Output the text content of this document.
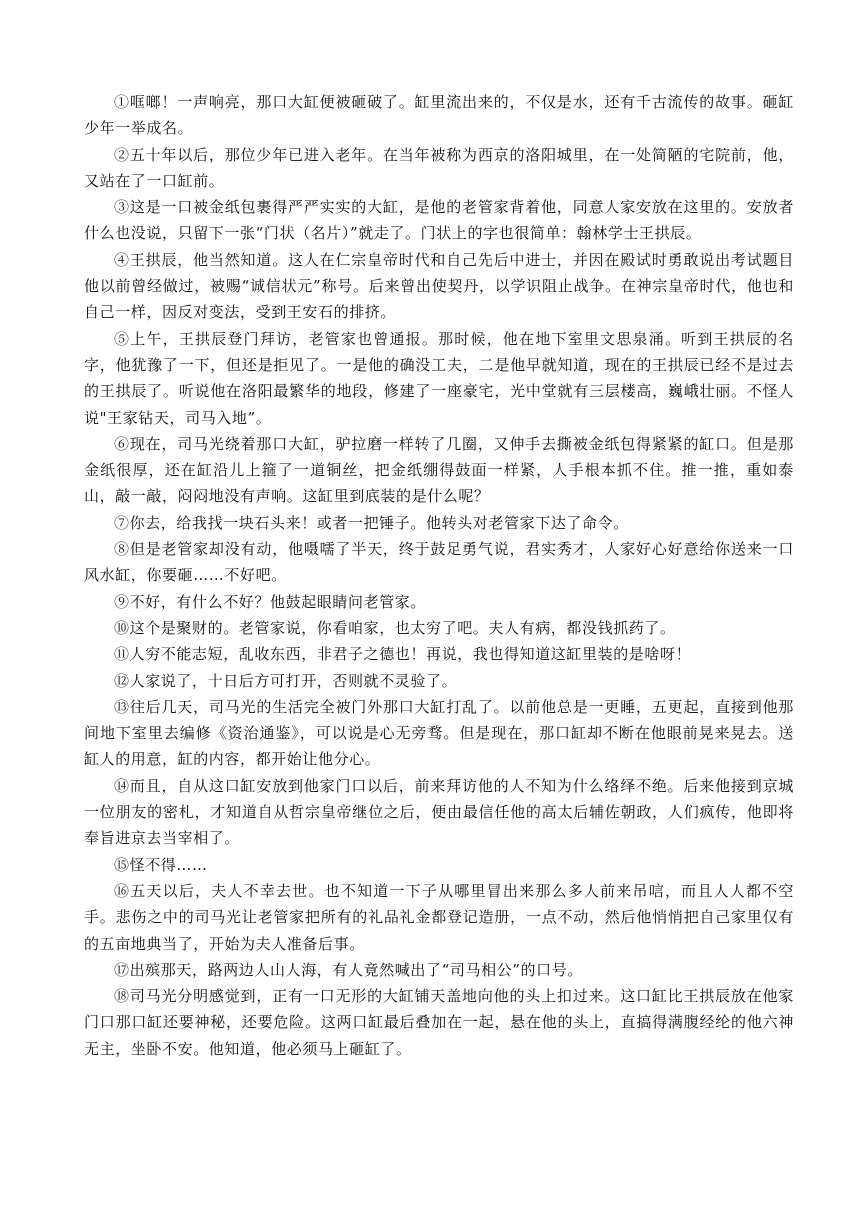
①哐啷！一声响亮，那口大缸便被砸破了。缸里流出来的，不仅是水，还有千古流传的故事。砸缸少年一举成名。

②五十年以后，那位少年已进入老年。在当年被称为西京的洛阳城里，在一处简陋的宅院前，他，又站在了一口缸前。

③这是一口被金纸包裹得严严实实的大缸，是他的老管家背着他，同意人家安放在这里的。安放者什么也没说，只留下一张“门状（名片）”就走了。门状上的字也很简单：翰林学士王拱辰。

④王拱辰，他当然知道。这人在仁宗皇帝时代和自己先后中进士，并因在殿试时勇敢说出考试题目他以前曾经做过，被赐“诚信状元”称号。后来曾出使契丹，以学识阻止战争。在神宗皇帝时代，他也和自己一样，因反对变法，受到王安石的排挤。

⑤上午，王拱辰登门拜访，老管家也曾通报。那时候，他在地下室里文思泉涌。听到王拱辰的名字，他犹豫了一下，但还是拒见了。一是他的确没工夫，二是他早就知道，现在的王拱辰已经不是过去的王拱辰了。听说他在洛阳最繁华的地段，修建了一座豪宅，光中堂就有三层楼高，巍峨壮丽。不怪人说"王家钻天，司马入地”。

⑥现在，司马光绕着那口大缸，驴拉磨一样转了几圈，又伸手去撕被金纸包得紧紧的缸口。但是那金纸很厚，还在缸沿儿上箍了一道铜丝，把金纸绷得鼓面一样紧，人手根本抓不住。推一推，重如泰山，敲一敲，闷闷地没有声响。这缸里到底装的是什么呢？

⑦你去，给我找一块石头来！或者一把锤子。他转头对老管家下达了命令。

⑧但是老管家却没有动，他嗫嚅了半天，终于鼓足勇气说，君实秀才，人家好心好意给你送来一口风水缸，你要砸……不好吧。

⑨不好，有什么不好？他鼓起眼睛问老管家。

⑩这个是聚财的。老管家说，你看咱家，也太穷了吧。夫人有病，都没钱抓药了。

⑪人穷不能志短，乱收东西，非君子之德也！再说，我也得知道这缸里装的是啥呀！

⑫人家说了，十日后方可打开，否则就不灵验了。

⑬往后几天，司马光的生活完全被门外那口大缸打乱了。以前他总是一更睡，五更起，直接到他那间地下室里去编修《资治通鉴》，可以说是心无旁骛。但是现在，那口缸却不断在他眼前晃来晃去。送缸人的用意，缸的内容，都开始让他分心。

⑭而且，自从这口缸安放到他家门口以后，前来拜访他的人不知为什么络绎不绝。后来他接到京城一位朋友的密札，才知道自从哲宗皇帝继位之后，便由最信任他的高太后辅佐朝政，人们疯传，他即将奉旨进京去当宰相了。

⑮怪不得……

⑯五天以后，夫人不幸去世。也不知道一下子从哪里冒出来那么多人前来吊唁，而且人人都不空手。悲伤之中的司马光让老管家把所有的礼品礼金都登记造册，一点不动，然后他悄悄把自己家里仅有的五亩地典当了，开始为夫人准备后事。

⑰出殡那天，路两边人山人海，有人竟然喊出了“司马相公”的口号。

⑱司马光分明感觉到，正有一口无形的大缸铺天盖地向他的头上扣过来。这口缸比王拱辰放在他家门口那口缸还要神秘，还要危险。这两口缸最后叠加在一起，悬在他的头上，直搞得满腹经纶的他六神无主，坐卧不安。他知道，他必须马上砸缸了。
